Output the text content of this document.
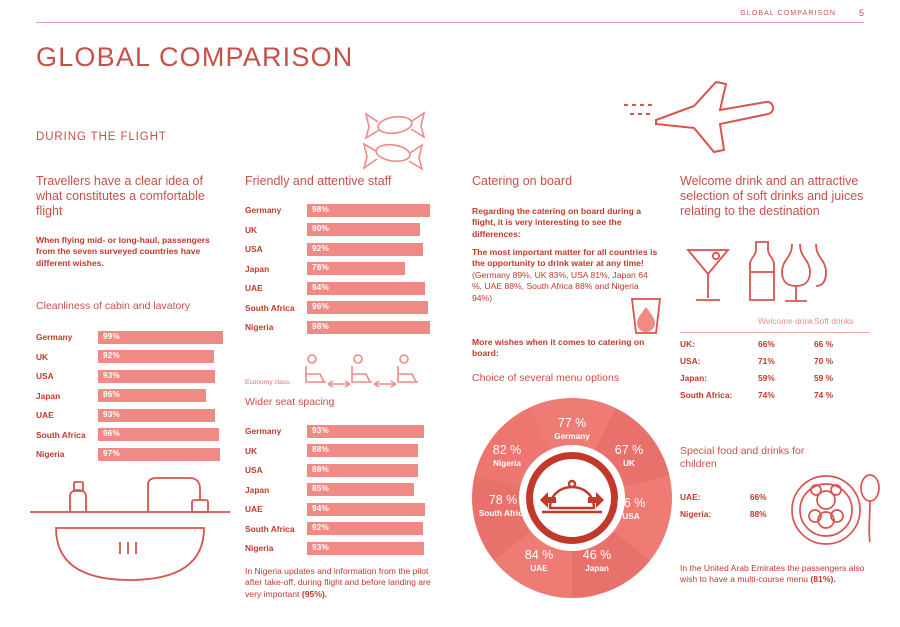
GLOBAL COMPARISON	5
GLOBAL COMPARISON
DURING THE FLIGHT
Travellers have a clear idea of what constitutes a comfortable flight
When flying mid- or long-haul, passengers from the seven surveyed countries have different wishes.
Cleanliness of cabin and lavatory
Germany	99%
UK	92%
USA	93%
Japan	86%
UAE	93%
South Africa	96%
Nigeria	97%
Friendly and attentive staff
Germany	98%
UK	90%
USA	92%
Japan	78%
UAE	94%
South Africa	96%
Nigeria	98%
Economy class:
Wider seat spacing
Germany	93%
UK	88%
USA	88%
Japan	85%
UAE	94%
South Africa	92%
Nigeria	93%
In Nigeria updates and information from the pilot after take-off, during flight and before landing are very important (95%).
Catering on board
Regarding the catering on board during a flight, it is very interesting to see the differences:
The most important matter for all countries is the opportunity to drink water at any time! (Germany 89%, UK 83%, USA 81%, Japan 64 %, UAE 88%, South Africa 88% and Nigeria 94%)
More wishes when it comes to catering on board:
Choice of several menu options
77 %
Germany
67 %
UK
66 %
USA
46 %
Japan
84 %
UAE
78 %
South Africa
82 %
Nigeria
Welcome drink and an attractive selection of soft drinks and juices relating to the destination
Welcome drink Soft drinks
UK:	66%	66 %
USA:	71%	70 %
Japan:	59%	59 %
South Africa:	74%	74 %
Special food and drinks for children
UAE:	66%
Nigeria:	88%
In the United Arab Emirates the passengers also wish to have a multi-course menu (81%).
